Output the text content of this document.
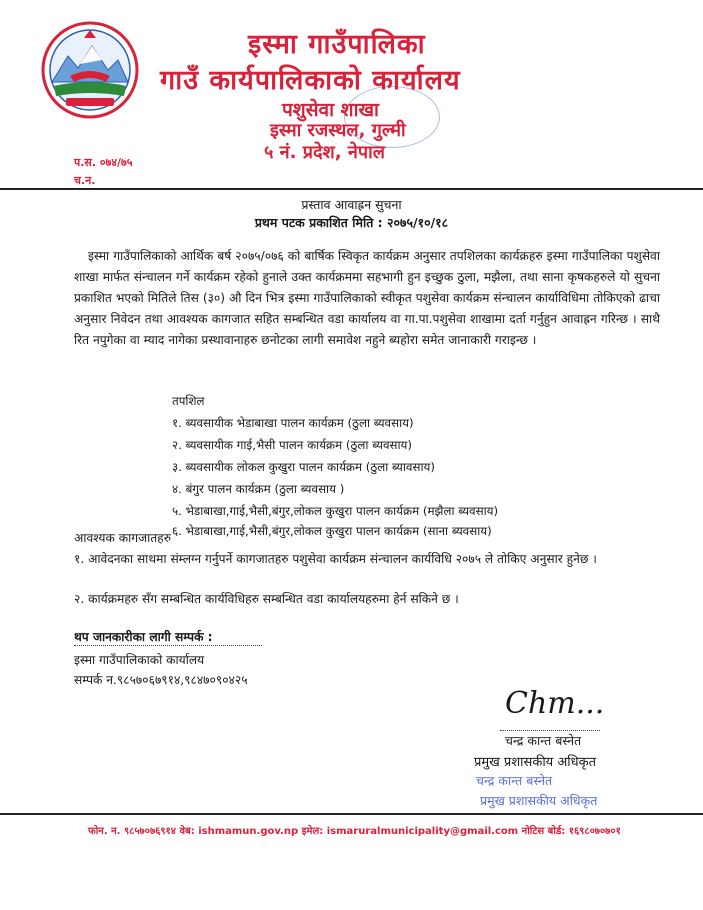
इस्मा गाउँपालिका
गाउँ कार्यपालिकाको कार्यालय
पशुसेवा शाखा
इस्मा रजस्थल, गुल्मी
५ नं. प्रदेश, नेपाल
प.स. ०७४/७५
च.न.
प्रस्ताव आवाह्रन सुचना
प्रथम पटक प्रकाशित मिति : २०७५/१०/१८
इस्मा गाउँपालिकाको आर्थिक बर्ष २०७५/०७६ को बार्षिक स्विकृत कार्यक्रम अनुसार तपशिलका कार्यक्रहरु इस्मा गाउँपालिका पशुसेवा शाखा मार्फत संन्चालन गर्ने कार्यक्रम रहेको हुनाले उक्त कार्यक्रममा सहभागी हुन इच्छुक ठुला, मझैला, तथा साना कृषकहरुले यो सुचना प्रकाशित भएको मितिले तिस (३०) औ दिन भित्र इस्मा गाउँपालिकाको स्वीकृत पशुसेवा कार्यक्रम संन्चालन कार्याविधिमा तोकिएको ढाचा अनुसार निवेदन तथा आवश्यक कागजात सहित सम्बन्धित वडा कार्यालय वा गा.पा.पशुसेवा शाखामा दर्ता गर्नुहुन आवाह्रन गरिन्छ । साथै रित नपुगेका वा म्याद नागेका प्रस्थावानाहरु छनोटका लागी समावेश नहुने ब्यहोरा समेत जानाकारी गराइन्छ ।
तपशिल
१. ब्यवसायीक भेडाबाखा पालन कार्यक्रम (ठुला ब्यवसाय)
२. ब्यवसायीक गाई,भैसी पालन कार्यक्रम (ठुला ब्यवसाय)
३. ब्यवसायीक लोकल कुखुरा पालन कार्यक्रम (ठुला ब्यावसाय)
४. बंगुर पालन कार्यक्रम (ठुला ब्यवसाय )
५. भेडाबाखा,गाई,भैसी,बंगुर,लोकल कुखुरा पालन कार्यक्रम (मझैला ब्यवसाय)
६. भेडाबाखा,गाई,भैसी,बंगुर,लोकल कुखुरा पालन कार्यक्रम (साना ब्यवसाय)
आवश्यक कागजातहरु
१. आवेदनका साथमा संम्लग्न गर्नुपर्ने कागजातहरु पशुसेवा कार्यक्रम संन्चालन कार्यविधि २०७५ ले तोकिए अनुसार हुनेछ ।
२. कार्यक्रमहरु सँग सम्बन्धित कार्यविधिहरु सम्बन्धित वडा कार्यालयहरुमा हेर्न सकिने छ ।
थप जानकारीका लागी सम्पर्क :
इस्मा गाउँपालिकाको कार्यालय
सम्पर्क न.९८५७०६७९१४,९८४७०९०४२५
Chm...
चन्द्र कान्त बस्नेत
प्रमुख प्रशासकीय अधिकृत
चन्द्र कान्त बस्नेत
प्रमुख प्रशासकीय अधिकृत
फोन. न. ९८५७०७६९१४ वेब: ishmamun.gov.np इमेल: ismaruralmunicipality@gmail.com नोटिस बोर्ड: १६९८०७०७०१
